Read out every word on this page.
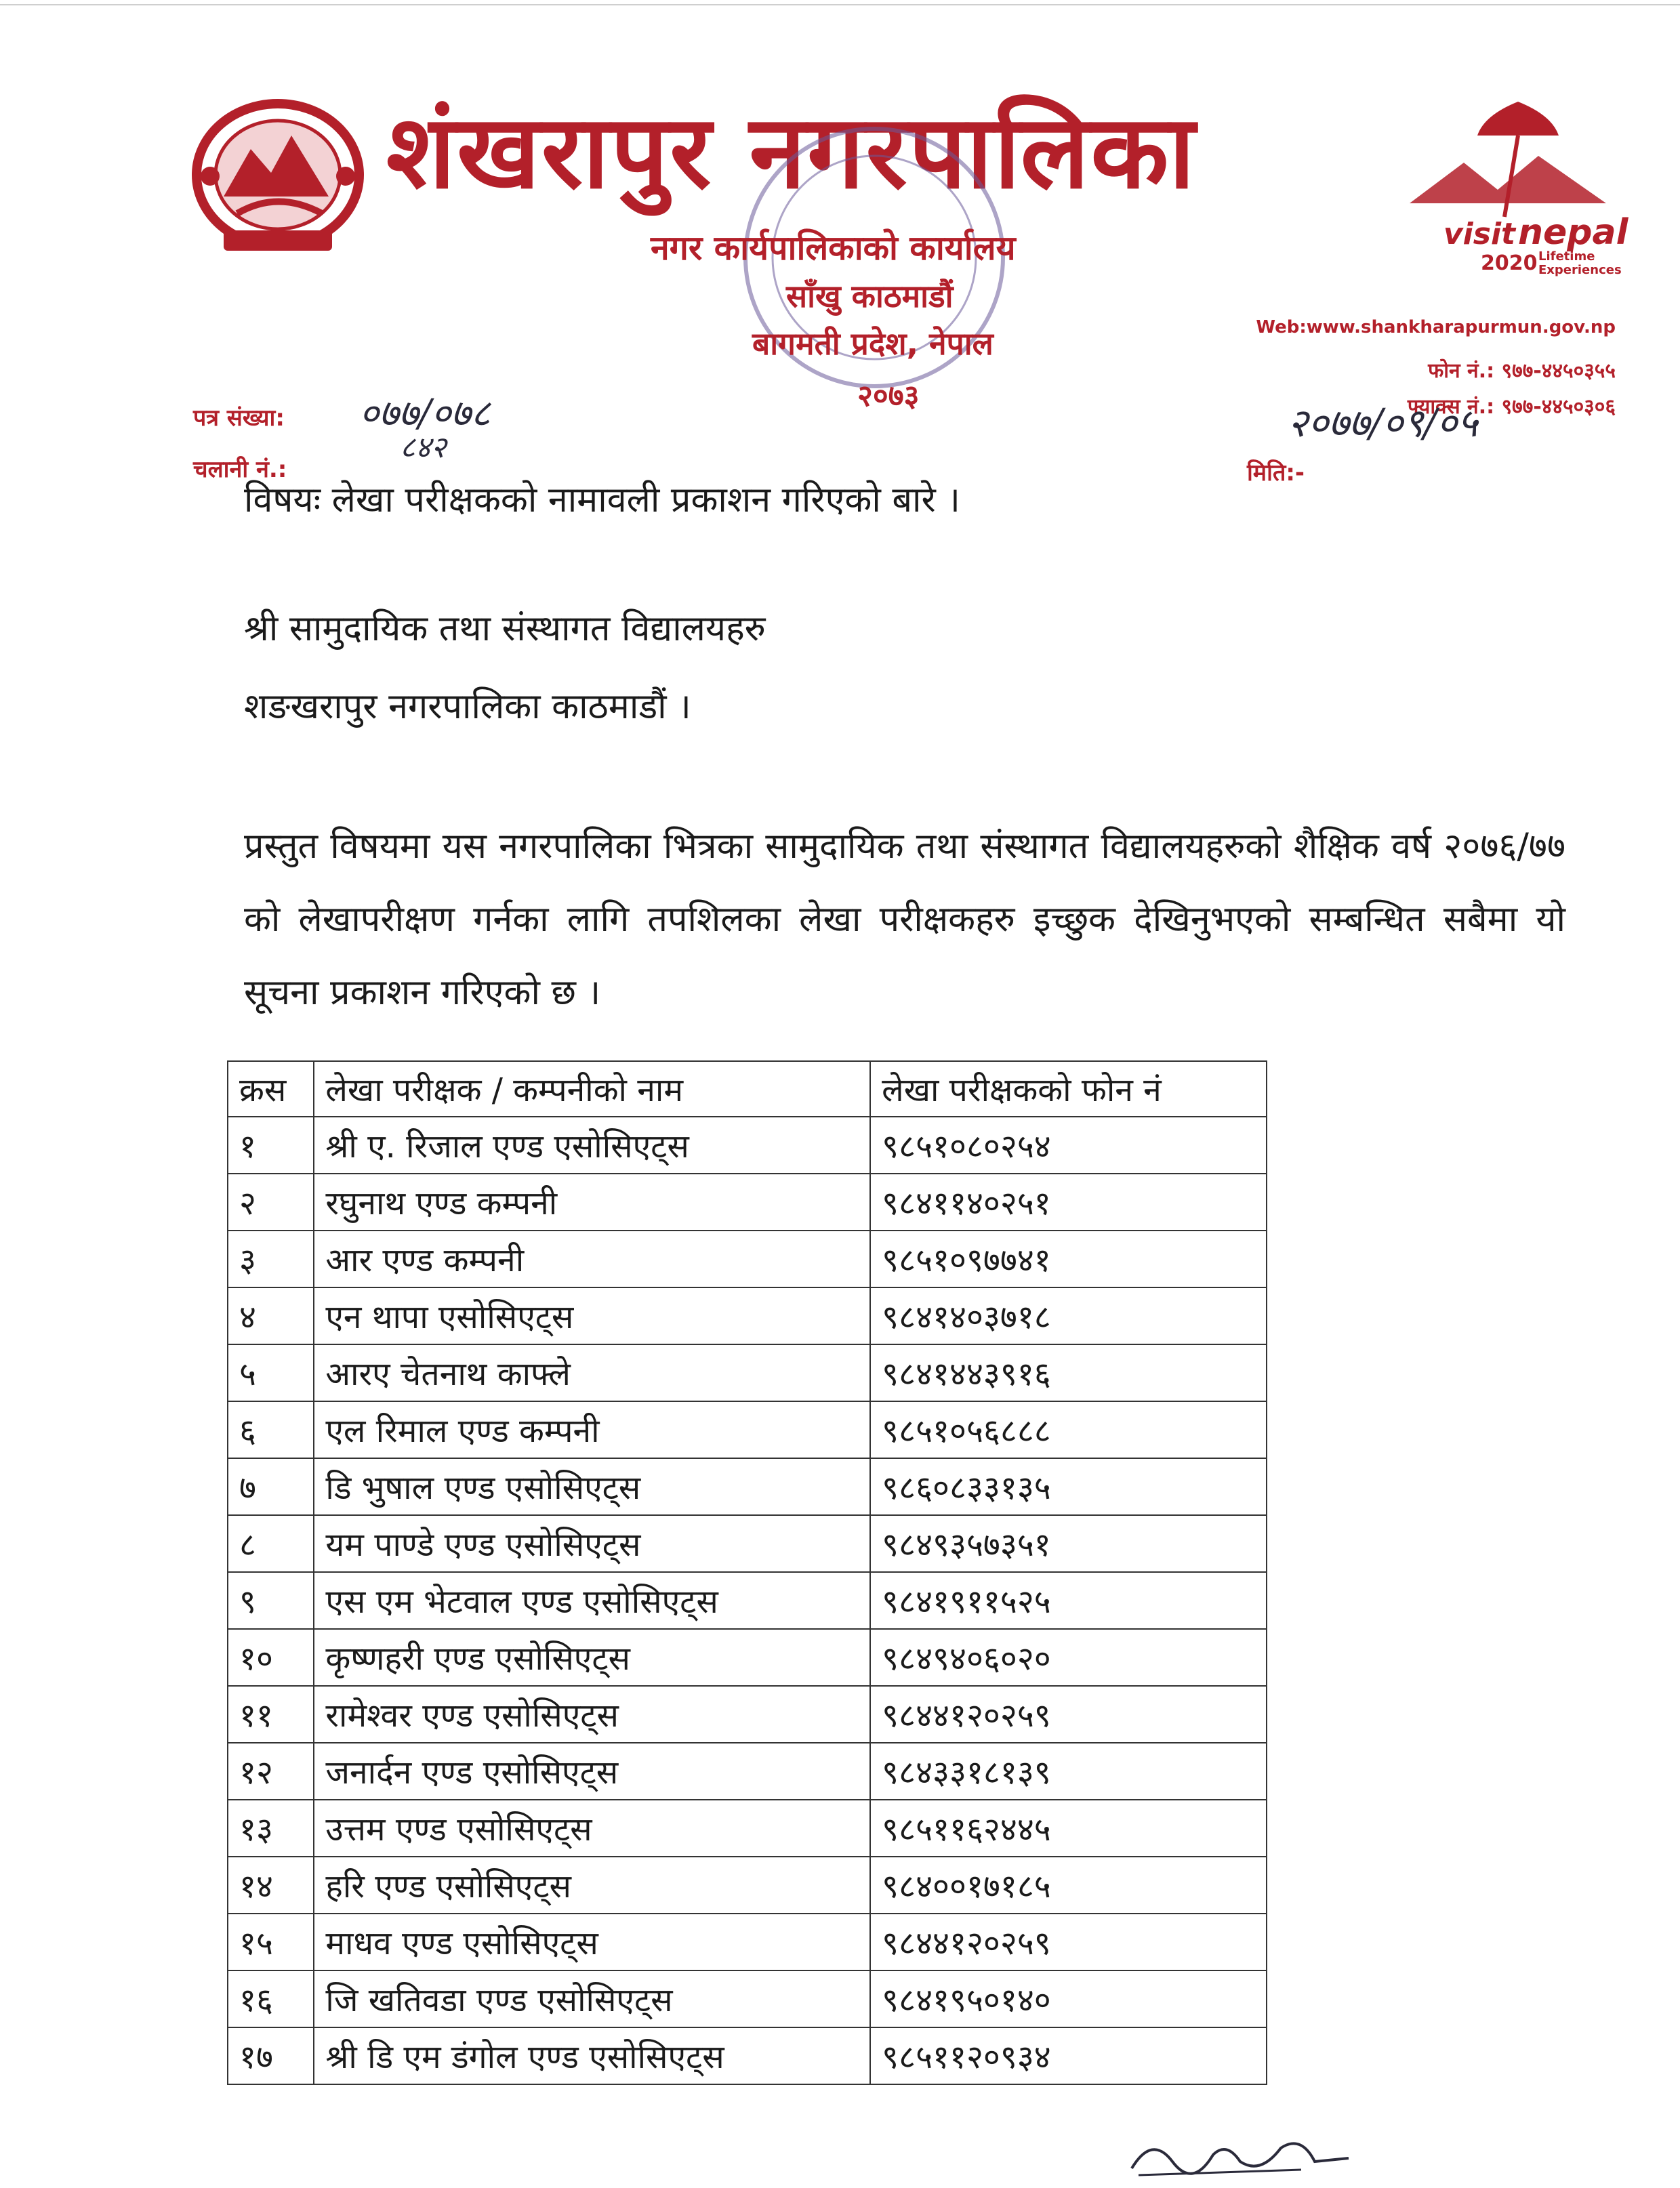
शंखरापुर नगरपालिका
नगर कार्यपालिकाको कार्यालय
साँखु काठमाडौं
बागमती प्रदेश, नेपाल
२०७३
visit nepal
2020 Lifetime
Experiences
Web:www.shankharapurmun.gov.np
फोन नं.: ९७७-४४५०३५५
फ्याक्स नं.: ९७७-४४५०३०६
पत्र संख्या: ०७७/०७८
चलानी नं.:
८४२
मिति:-
२०७७/०९/०५
विषयः लेखा परीक्षकको नामावली प्रकाशन गरिएको बारे ।
श्री सामुदायिक तथा संस्थागत विद्यालयहरु
शङखरापुर नगरपालिका काठमाडौं ।
प्रस्तुत विषयमा यस नगरपालिका भित्रका सामुदायिक तथा संस्थागत विद्यालयहरुको शैक्षिक वर्ष २०७६/७७ को लेखापरीक्षण गर्नका लागि तपशिलका लेखा परीक्षकहरु इच्छुक देखिनुभएको सम्बन्धित सबैमा यो सूचना प्रकाशन गरिएको छ ।
क्रस	लेखा परीक्षक / कम्पनीको नाम	लेखा परीक्षकको फोन नं
१	श्री ए. रिजाल एण्ड एसोसिएट्स	९८५१०८०२५४
२	रघुनाथ एण्ड कम्पनी	९८४११४०२५१
३	आर एण्ड कम्पनी	९८५१०९७७४१
४	एन थापा एसोसिएट्स	९८४१४०३७१८
५	आरए चेतनाथ काफ्ले	९८४१४४३९१६
६	एल रिमाल एण्ड कम्पनी	९८५१०५६८८८
७	डि भुषाल एण्ड एसोसिएट्स	९८६०८३३१३५
८	यम पाण्डे एण्ड एसोसिएट्स	९८४९३५७३५१
९	एस एम भेटवाल एण्ड एसोसिएट्स	९८४१९११५२५
१०	कृष्णहरी एण्ड एसोसिएट्स	९८४९४०६०२०
११	रामेश्वर एण्ड एसोसिएट्स	९८४४१२०२५९
१२	जनार्दन एण्ड एसोसिएट्स	९८४३३१८१३९
१३	उत्तम एण्ड एसोसिएट्स	९८५११६२४४५
१४	हरि एण्ड एसोसिएट्स	९८४००१७१८५
१५	माधव एण्ड एसोसिएट्स	९८४४१२०२५९
१६	जि खतिवडा एण्ड एसोसिएट्स	९८४१९५०१४०
१७	श्री डि एम डंगोल एण्ड एसोसिएट्स	९८५११२०९३४
